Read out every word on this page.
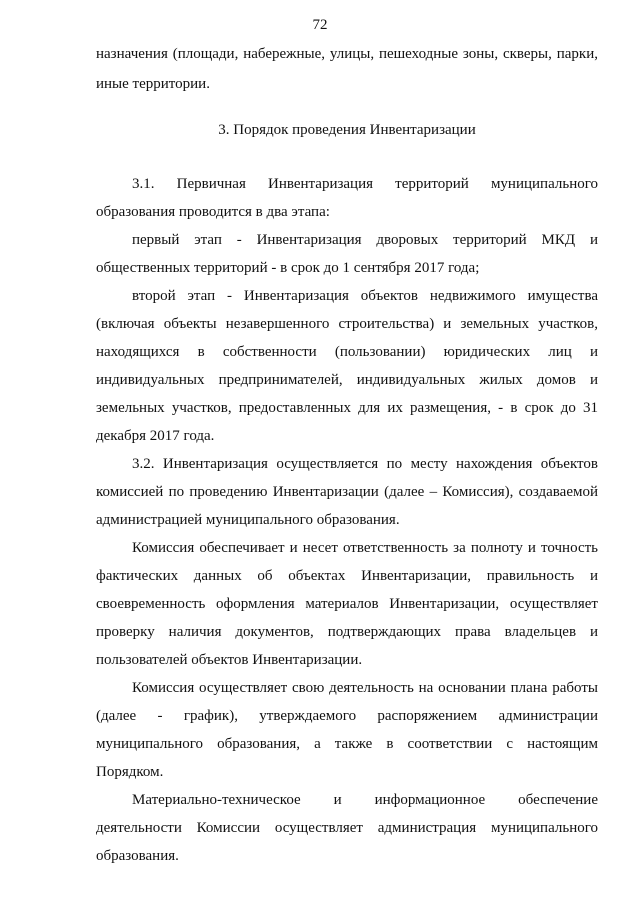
72
назначения (площади, набережные, улицы, пешеходные зоны, скверы, парки,
иные территории.
3. Порядок проведения Инвентаризации
3.1. Первичная Инвентаризация территорий муниципального
образования проводится в два этапа:
первый этап - Инвентаризация дворовых территорий МКД и
общественных территорий - в срок до 1 сентября 2017 года;
второй этап - Инвентаризация объектов недвижимого имущества
(включая объекты незавершенного строительства) и земельных участков,
находящихся в собственности (пользовании) юридических лиц и
индивидуальных предпринимателей, индивидуальных жилых домов и
земельных участков, предоставленных для их размещения, - в срок до 31
декабря 2017 года.
3.2. Инвентаризация осуществляется по месту нахождения объектов
комиссией по проведению Инвентаризации (далее – Комиссия), создаваемой
администрацией муниципального образования.
Комиссия обеспечивает и несет ответственность за полноту и точность
фактических данных об объектах Инвентаризации, правильность и
своевременность оформления материалов Инвентаризации, осуществляет
проверку наличия документов, подтверждающих права владельцев и
пользователей объектов Инвентаризации.
Комиссия осуществляет свою деятельность на основании плана работы
(далее - график), утверждаемого распоряжением администрации
муниципального образования, а также в соответствии с настоящим
Порядком.
Материально-техническое и информационное обеспечение
деятельности Комиссии осуществляет администрация муниципального
образования.
